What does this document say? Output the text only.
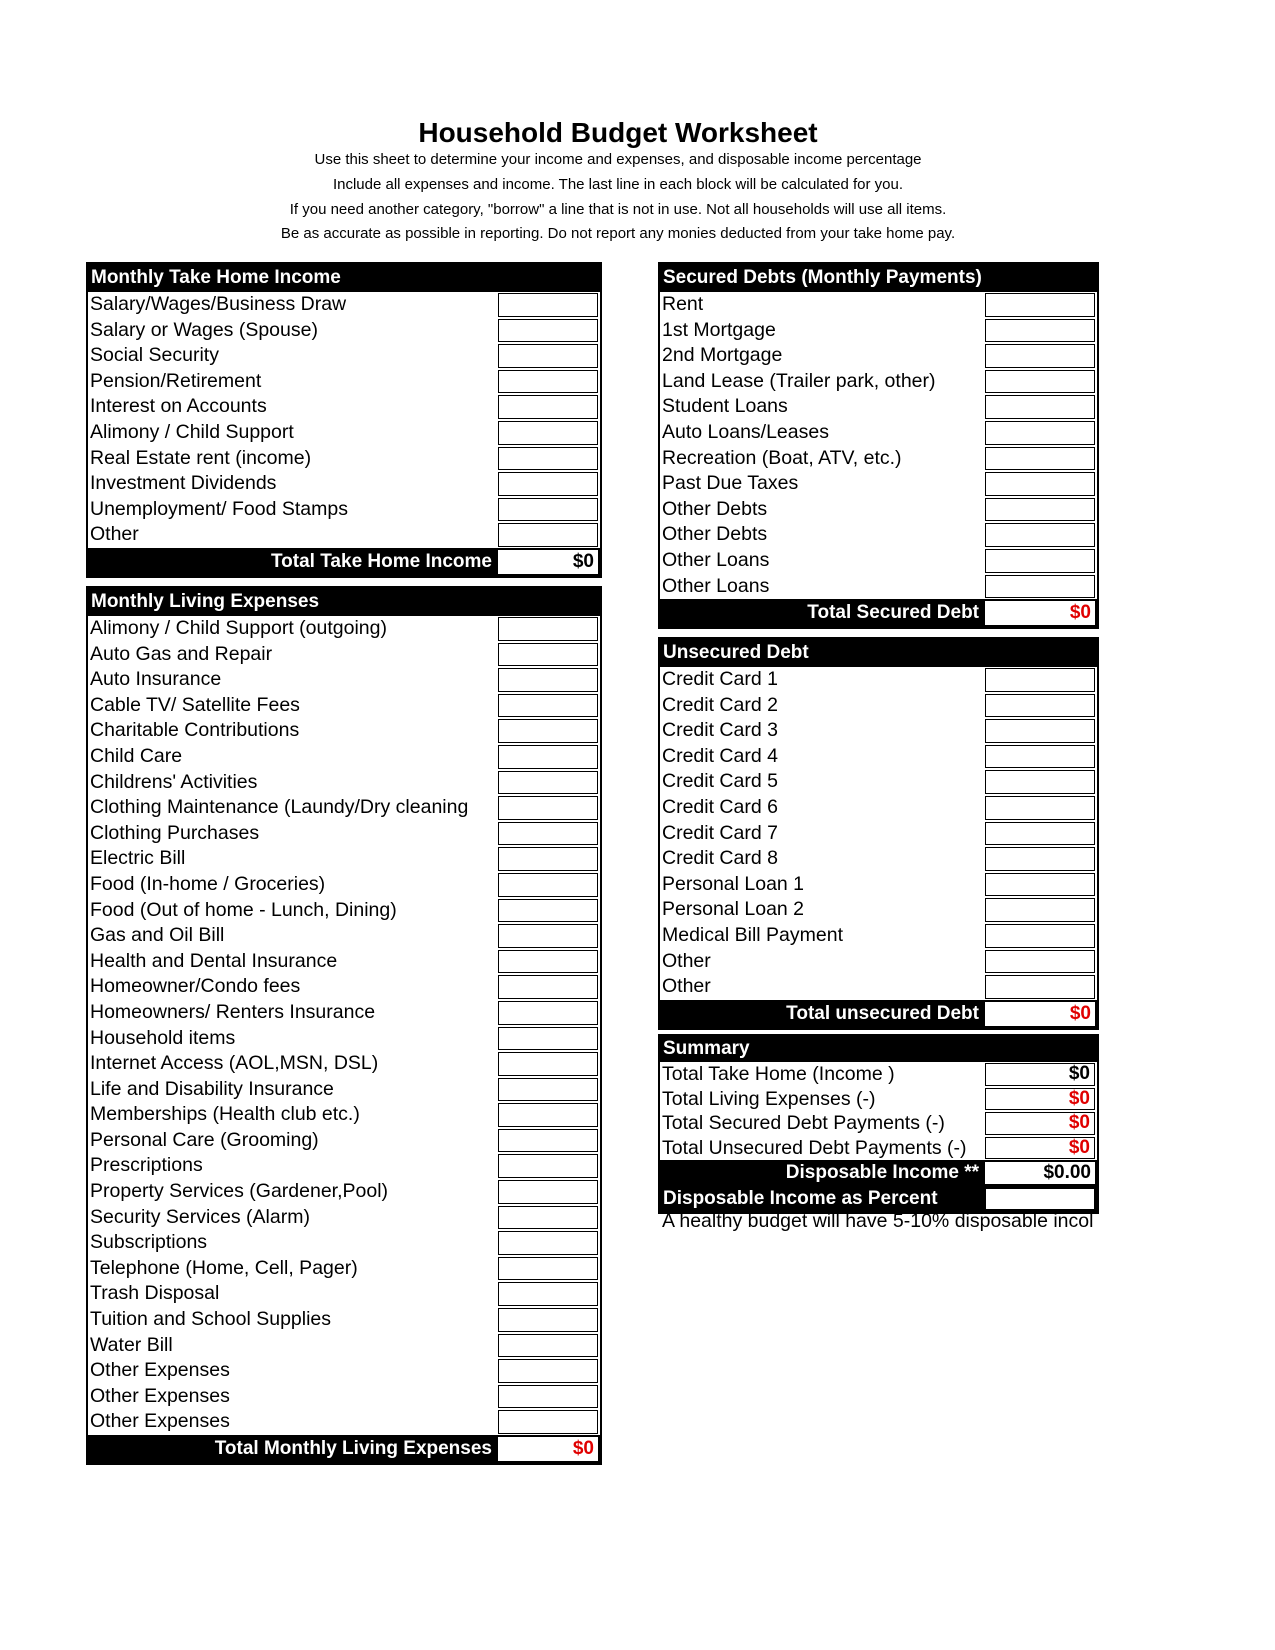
Household Budget Worksheet
Use this sheet to determine your income and expenses, and disposable income percentage
Include all expenses and income. The last line in each block will be calculated for you.
If you need another category, "borrow" a line that is not in use. Not all households will use all items.
Be as accurate as possible in reporting. Do not report any monies deducted from your take home pay.
Monthly Take Home Income
Salary/Wages/Business Draw
Salary or Wages (Spouse)
Social Security
Pension/Retirement
Interest on Accounts
Alimony / Child Support
Real Estate rent (income)
Investment Dividends
Unemployment/ Food Stamps
Other
Total Take Home Income	$0
Monthly Living Expenses
Alimony / Child Support (outgoing)
Auto Gas and Repair
Auto Insurance
Cable TV/ Satellite Fees
Charitable Contributions
Child Care
Childrens' Activities
Clothing Maintenance (Laundy/Dry cleaning
Clothing Purchases
Electric Bill
Food (In-home / Groceries)
Food (Out of home - Lunch, Dining)
Gas and Oil Bill
Health and Dental Insurance
Homeowner/Condo fees
Homeowners/ Renters Insurance
Household items
Internet Access (AOL,MSN, DSL)
Life and Disability Insurance
Memberships (Health club etc.)
Personal Care (Grooming)
Prescriptions
Property Services (Gardener,Pool)
Security Services (Alarm)
Subscriptions
Telephone (Home, Cell, Pager)
Trash Disposal
Tuition and School Supplies
Water Bill
Other Expenses
Other Expenses
Other Expenses
Total Monthly Living Expenses	$0
Secured Debts (Monthly Payments)
Rent
1st Mortgage
2nd Mortgage
Land Lease (Trailer park, other)
Student Loans
Auto Loans/Leases
Recreation (Boat, ATV, etc.)
Past Due Taxes
Other Debts
Other Debts
Other Loans
Other Loans
Total Secured Debt	$0
Unsecured Debt
Credit Card 1
Credit Card 2
Credit Card 3
Credit Card 4
Credit Card 5
Credit Card 6
Credit Card 7
Credit Card 8
Personal Loan 1
Personal Loan 2
Medical Bill Payment
Other
Other
Total unsecured Debt	$0
Summary
Total Take Home (Income )	$0
Total Living Expenses (-)	$0
Total Secured Debt Payments (-)	$0
Total Unsecured Debt Payments (-)	$0
Disposable Income **	$0.00
Disposable Income as Percent
A healthy budget will have 5-10% disposable incol
